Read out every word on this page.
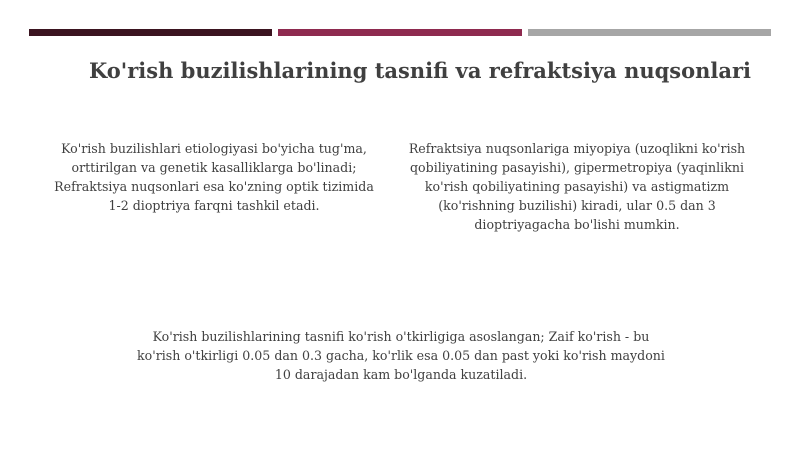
Ko'rish buzilishlarining tasnifi va refraktsiya nuqsonlari
Ko'rish buzilishlari etiologiyasi bo'yicha tug'ma, orttirilgan va genetik kasalliklarga bo'linadi; Refraktsiya nuqsonlari esa ko'zning optik tizimida 1-2 dioptriya farqni tashkil etadi.
Refraktsiya nuqsonlariga miyopiya (uzoqlikni ko'rish qobiliyatining pasayishi), gipermetropiya (yaqinlikni ko'rish qobiliyatining pasayishi) va astigmatizm (ko'rishning buzilishi) kiradi, ular 0.5 dan 3 dioptriyagacha bo'lishi mumkin.
Ko'rish buzilishlarining tasnifi ko'rish o'tkirligiga asoslangan; Zaif ko'rish - bu ko'rish o'tkirligi 0.05 dan 0.3 gacha, ko'rlik esa 0.05 dan past yoki ko'rish maydoni 10 darajadan kam bo'lganda kuzatiladi.
